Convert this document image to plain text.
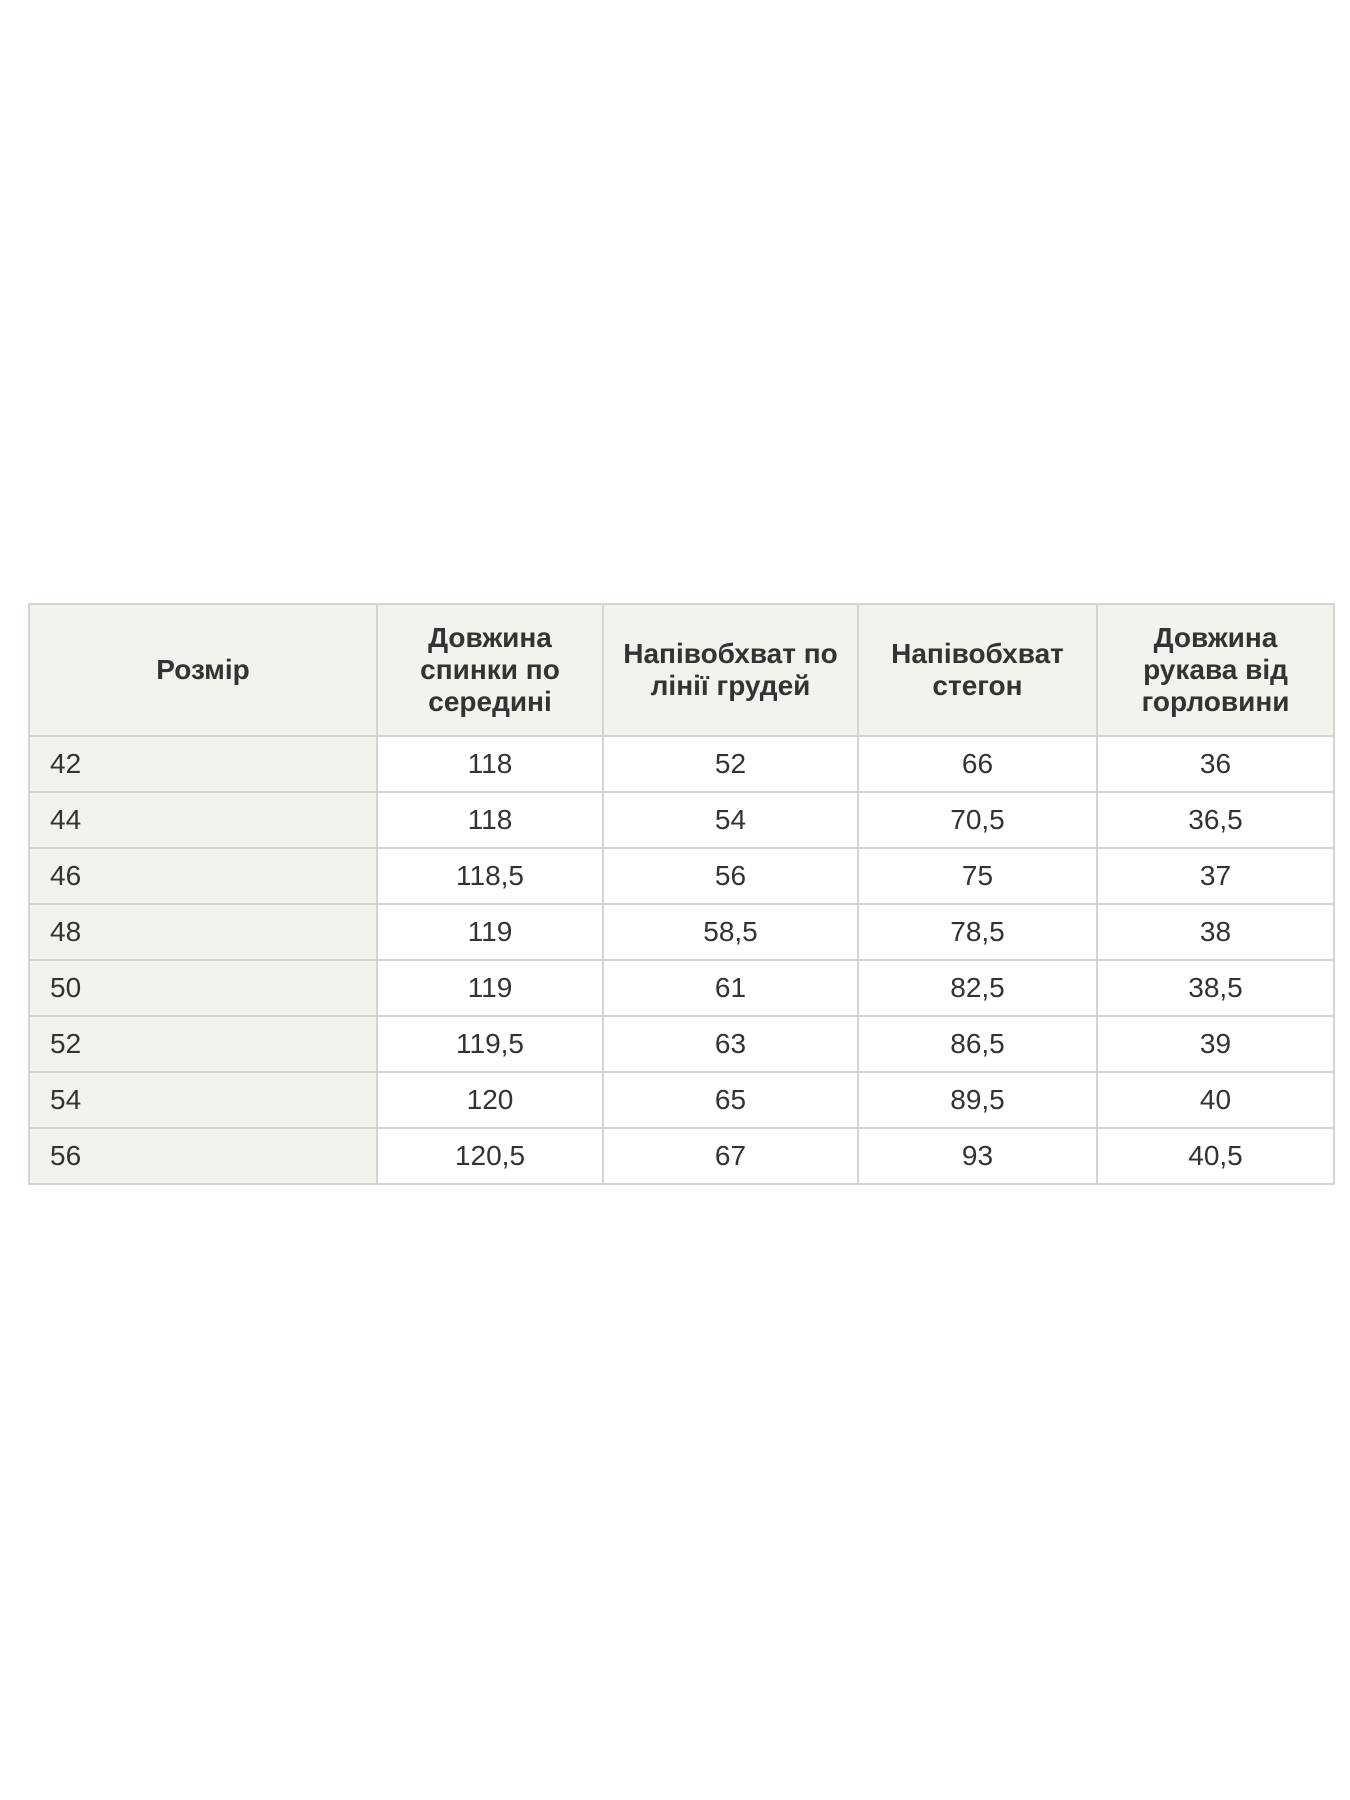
Розмір	Довжина спинки по середині	Напівобхват по лінії грудей	Напівобхват стегон	Довжина рукава від горловини
42	118	52	66	36
44	118	54	70,5	36,5
46	118,5	56	75	37
48	119	58,5	78,5	38
50	119	61	82,5	38,5
52	119,5	63	86,5	39
54	120	65	89,5	40
56	120,5	67	93	40,5
